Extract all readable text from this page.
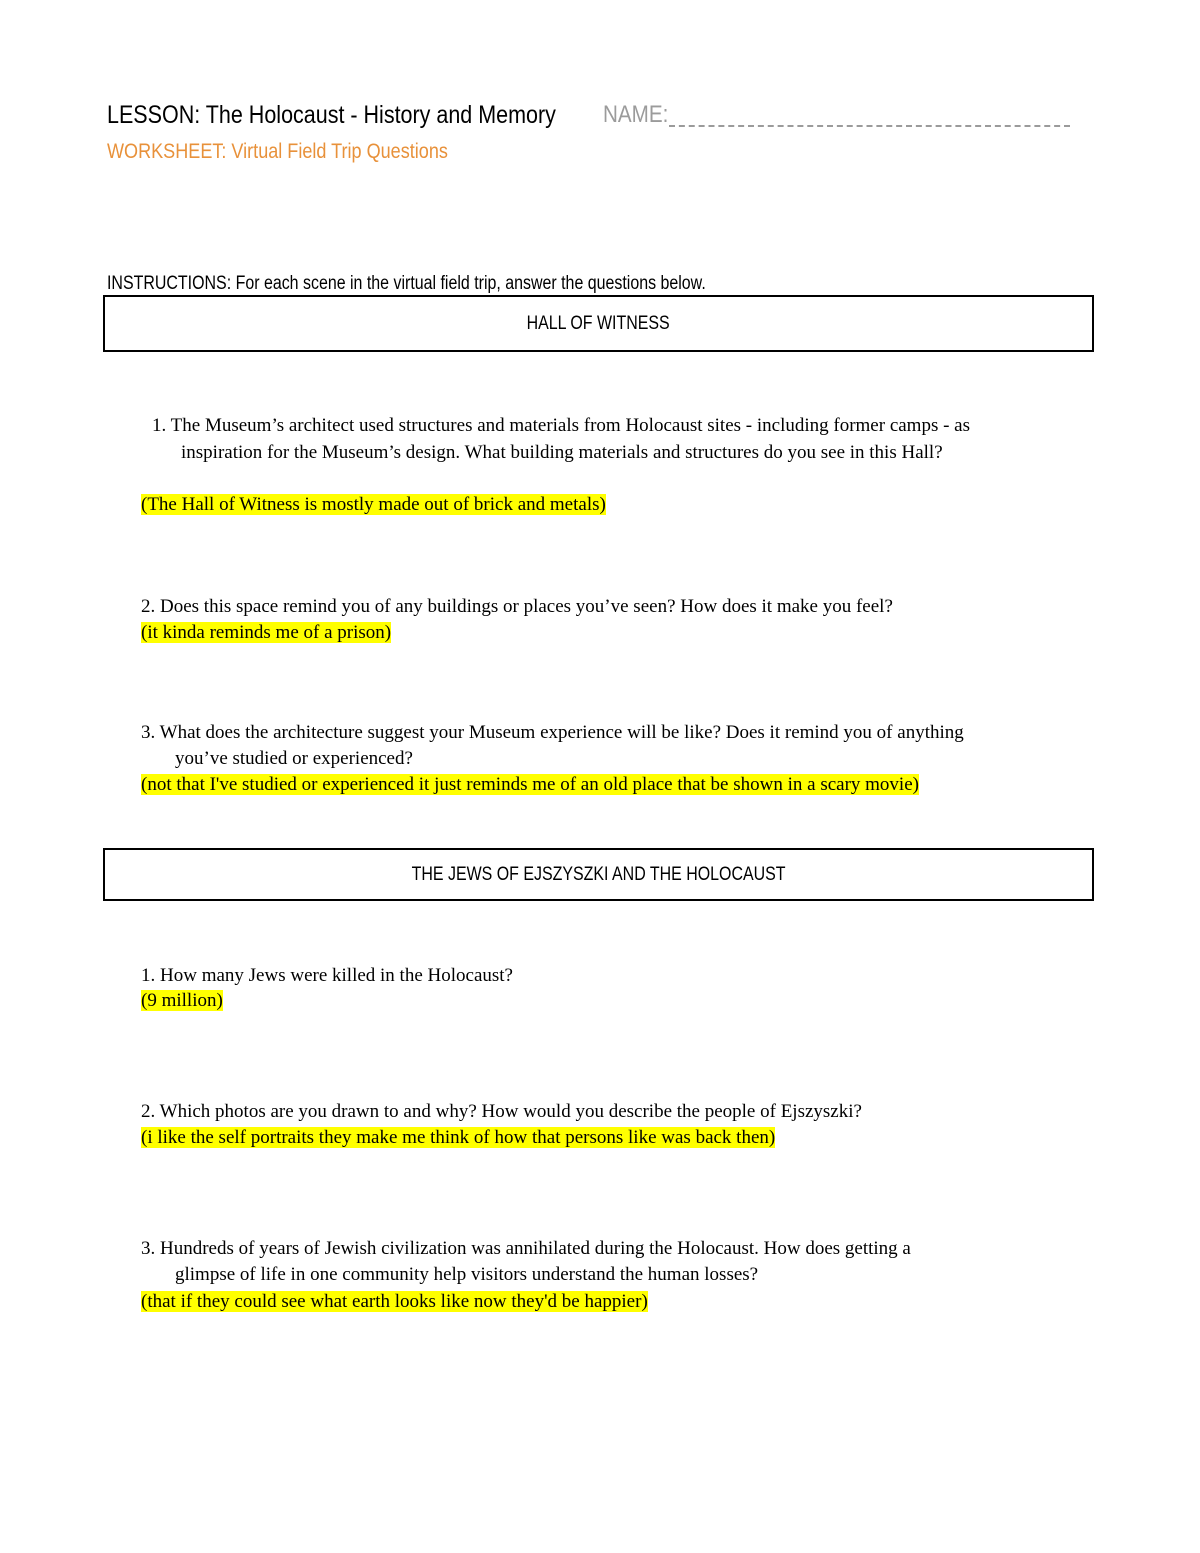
LESSON: The Holocaust - History and Memory NAME:
WORKSHEET: Virtual Field Trip Questions
INSTRUCTIONS: For each scene in the virtual field trip, answer the questions below.
HALL OF WITNESS
1. The Museum’s architect used structures and materials from Holocaust sites - including former camps - as
inspiration for the Museum’s design. What building materials and structures do you see in this Hall?
(The Hall of Witness is mostly made out of brick and metals)
2. Does this space remind you of any buildings or places you’ve seen? How does it make you feel?
(it kinda reminds me of a prison)
3. What does the architecture suggest your Museum experience will be like? Does it remind you of anything
you’ve studied or experienced?
(not that I've studied or experienced it just reminds me of an old place that be shown in a scary movie)
THE JEWS OF EJSZYSZKI AND THE HOLOCAUST
1. How many Jews were killed in the Holocaust?
(9 million)
2. Which photos are you drawn to and why? How would you describe the people of Ejszyszki?
(i like the self portraits they make me think of how that persons like was back then)
3. Hundreds of years of Jewish civilization was annihilated during the Holocaust. How does getting a
glimpse of life in one community help visitors understand the human losses?
(that if they could see what earth looks like now they'd be happier)
